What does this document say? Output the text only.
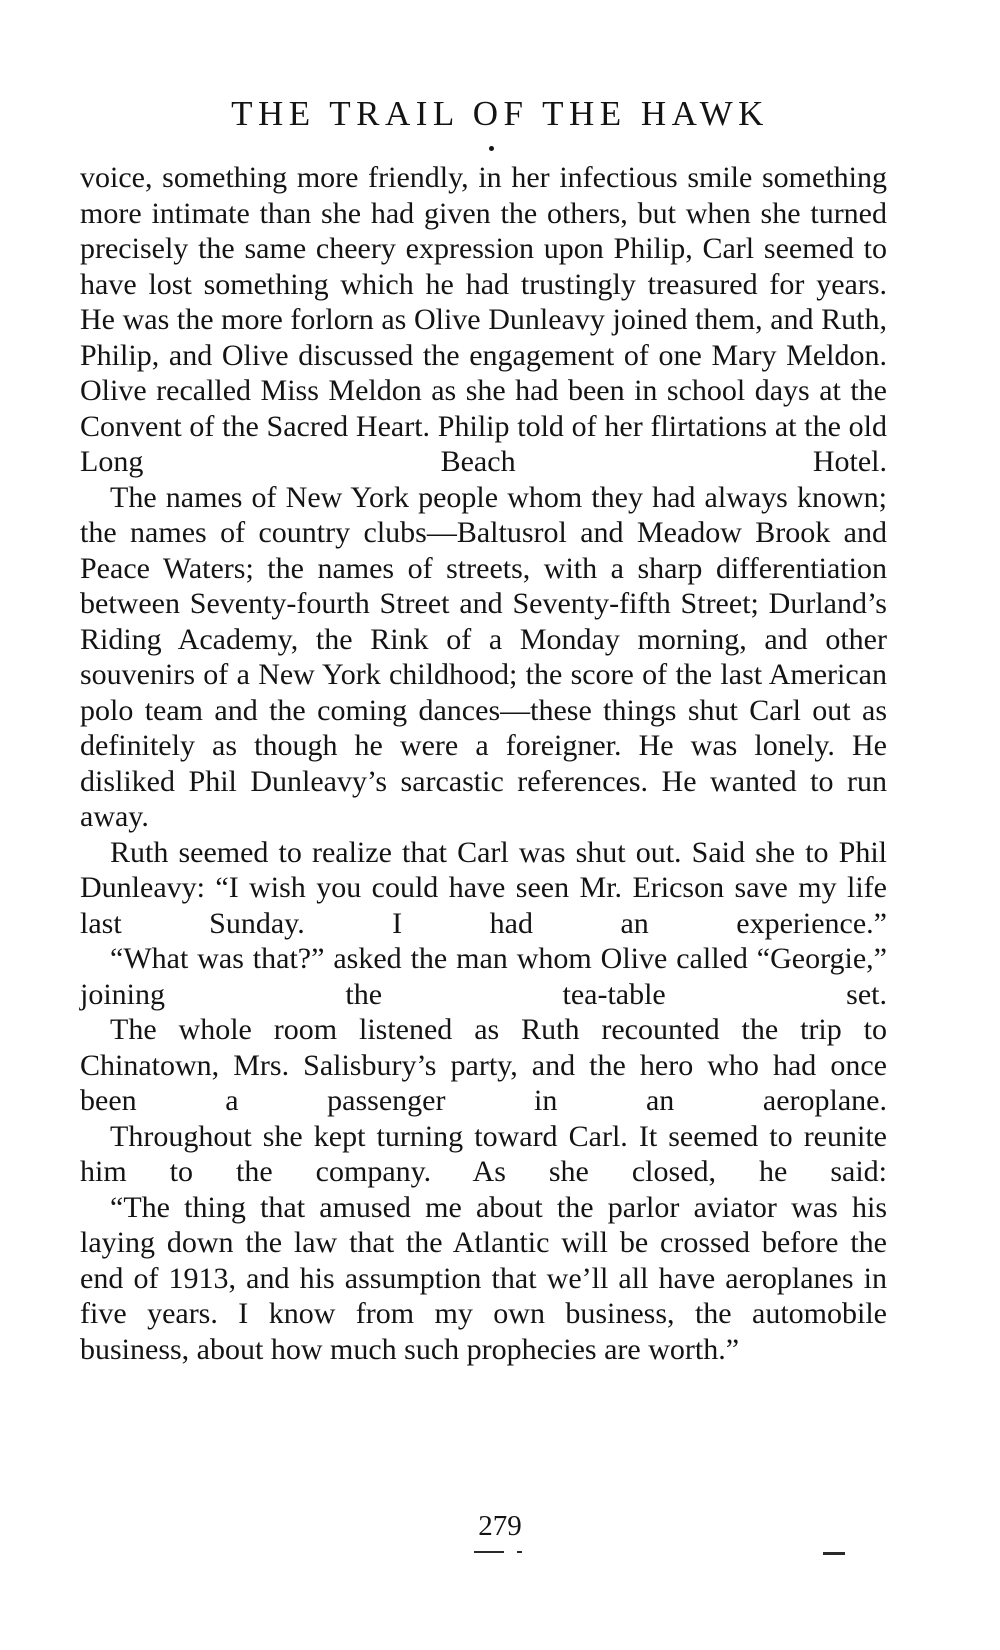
THE TRAIL OF THE HAWK

voice, something more friendly, in her infectious smile something more intimate than she had given the others, but when she turned precisely the same cheery expression upon Philip, Carl seemed to have lost something which he had trustingly treasured for years. He was the more forlorn as Olive Dunleavy joined them, and Ruth, Philip, and Olive discussed the engagement of one Mary Meldon. Olive recalled Miss Meldon as she had been in school days at the Convent of the Sacred Heart. Philip told of her flirtations at the old Long Beach Hotel.

The names of New York people whom they had always known; the names of country clubs—Baltusrol and Meadow Brook and Peace Waters; the names of streets, with a sharp differentiation between Seventy-fourth Street and Seventy-fifth Street; Durland’s Riding Academy, the Rink of a Monday morning, and other souvenirs of a New York childhood; the score of the last American polo team and the coming dances—these things shut Carl out as definitely as though he were a foreigner. He was lonely. He disliked Phil Dunleavy’s sarcastic references. He wanted to run away.

Ruth seemed to realize that Carl was shut out. Said she to Phil Dunleavy: “I wish you could have seen Mr. Ericson save my life last Sunday. I had an experience.”

“What was that?” asked the man whom Olive called “Georgie,” joining the tea-table set.

The whole room listened as Ruth recounted the trip to Chinatown, Mrs. Salisbury’s party, and the hero who had once been a passenger in an aeroplane.

Throughout she kept turning toward Carl. It seemed to reunite him to the company. As she closed, he said:

“The thing that amused me about the parlor aviator was his laying down the law that the Atlantic will be crossed before the end of 1913, and his assumption that we’ll all have aeroplanes in five years. I know from my own business, the automobile business, about how much such prophecies are worth.”

279
